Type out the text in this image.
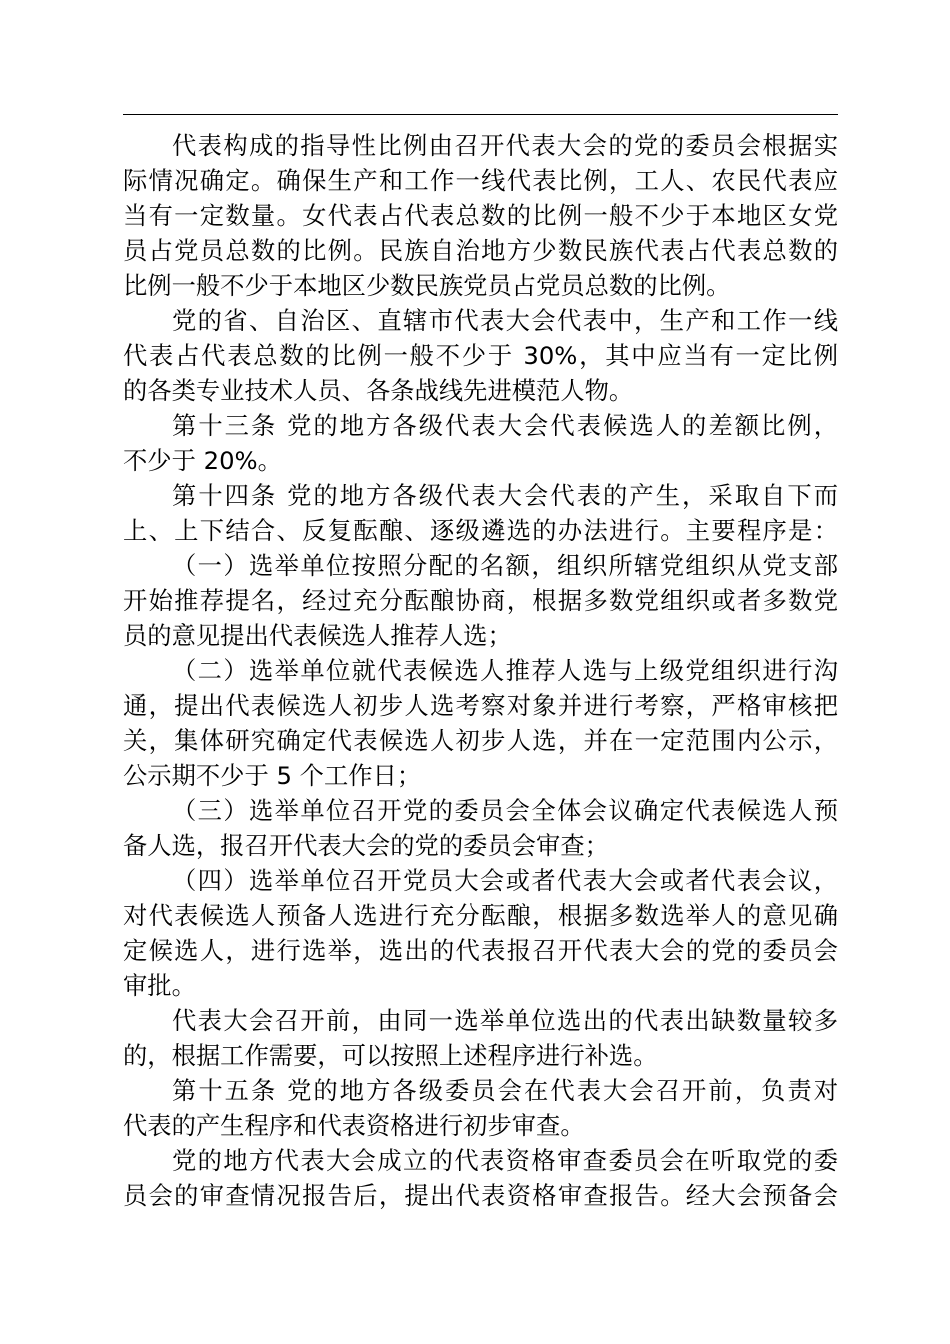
代表构成的指导性比例由召开代表大会的党的委员会根据实
际情况确定。确保生产和工作一线代表比例，工人、农民代表应
当有一定数量。女代表占代表总数的比例一般不少于本地区女党
员占党员总数的比例。民族自治地方少数民族代表占代表总数的
比例一般不少于本地区少数民族党员占党员总数的比例。
党的省、自治区、直辖市代表大会代表中，生产和工作一线
代表占代表总数的比例一般不少于 30%，其中应当有一定比例
的各类专业技术人员、各条战线先进模范人物。
第十三条 党的地方各级代表大会代表候选人的差额比例，
不少于 20%。
第十四条 党的地方各级代表大会代表的产生，采取自下而
上、上下结合、反复酝酿、逐级遴选的办法进行。主要程序是：
（一）选举单位按照分配的名额，组织所辖党组织从党支部
开始推荐提名，经过充分酝酿协商，根据多数党组织或者多数党
员的意见提出代表候选人推荐人选；
（二）选举单位就代表候选人推荐人选与上级党组织进行沟
通，提出代表候选人初步人选考察对象并进行考察，严格审核把
关，集体研究确定代表候选人初步人选，并在一定范围内公示，
公示期不少于 5 个工作日；
（三）选举单位召开党的委员会全体会议确定代表候选人预
备人选，报召开代表大会的党的委员会审查；
（四）选举单位召开党员大会或者代表大会或者代表会议，
对代表候选人预备人选进行充分酝酿，根据多数选举人的意见确
定候选人，进行选举，选出的代表报召开代表大会的党的委员会
审批。
代表大会召开前，由同一选举单位选出的代表出缺数量较多
的，根据工作需要，可以按照上述程序进行补选。
第十五条 党的地方各级委员会在代表大会召开前，负责对
代表的产生程序和代表资格进行初步审查。
党的地方代表大会成立的代表资格审查委员会在听取党的委
员会的审查情况报告后，提出代表资格审查报告。经大会预备会
